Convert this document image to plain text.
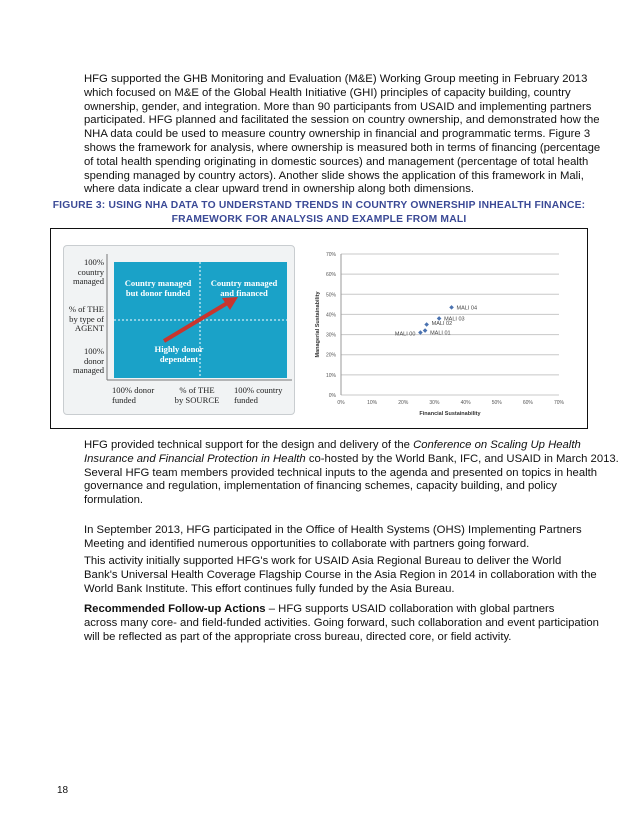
HFG supported the GHB Monitoring and Evaluation (M&E) Working Group meeting in February 2013
which focused on M&E of the Global Health Initiative (GHI) principles of capacity building, country
ownership, gender, and integration. More than 90 participants from USAID and implementing partners
participated. HFG planned and facilitated the session on country ownership, and demonstrated how the
NHA data could be used to measure country ownership in financial and programmatic terms. Figure 3
shows the framework for analysis, where ownership is measured both in terms of financing (percentage
of total health spending originating in domestic sources) and management (percentage of total health
spending managed by country actors). Another slide shows the application of this framework in Mali,
where data indicate a clear upward trend in ownership along both dimensions.
FIGURE 3: USING NHA DATA TO UNDERSTAND TRENDS IN COUNTRY OWNERSHIP INHEALTH FINANCE: FRAMEWORK FOR ANALYSIS AND EXAMPLE FROM MALI
Country managed
but donor funded
Country managed
and financed
Highly donor
dependent
100%
country
managed
% of THE
by type of
AGENT
100%
donor
managed
100% donor
funded
% of THE
by SOURCE
100% country
funded	0%
10%
20%
30%
40%
50%
60%
70%
0%	10%	20%	30%	40%	50%	60%	70%
Financial Sustainability
Managerial Sustainability	MALI 00	MALI 01
MALI 02
MALI 03
MALI 04
HFG provided technical support for the design and delivery of the Conference on Scaling Up Health
Insurance and Financial Protection in Health co-hosted by the World Bank, IFC, and USAID in March 2013.
Several HFG team members provided technical inputs to the agenda and presented on topics in health
governance and regulation, implementation of financing schemes, capacity building, and policy
formulation.
In September 2013, HFG participated in the Office of Health Systems (OHS) Implementing Partners
Meeting and identified numerous opportunities to collaborate with partners going forward.
This activity initially supported HFG's work for USAID Asia Regional Bureau to deliver the World
Bank's Universal Health Coverage Flagship Course in the Asia Region in 2014 in collaboration with the
World Bank Institute. This effort continues fully funded by the Asia Bureau.
Recommended Follow-up Actions – HFG supports USAID collaboration with global partners
across many core- and field-funded activities. Going forward, such collaboration and event participation
will be reflected as part of the appropriate cross bureau, directed core, or field activity.
18
